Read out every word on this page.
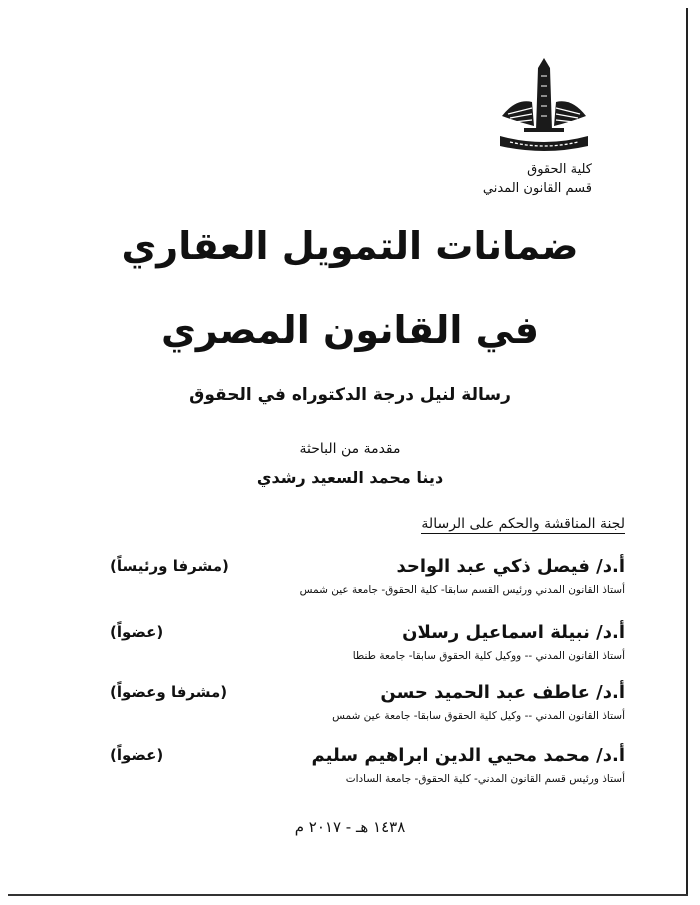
كلية الحقوق
قسم القانون المدني
ضمانات التمويل العقاري
في القانون المصري
رسالة لنيل درجة الدكتوراه في الحقوق
مقدمة من الباحثة
دينا محمد السعيد رشدي
لجنة المناقشة والحكم على الرسالة
أ.د/ فيصل ذكي عبد الواحد
(مشرفا ورئيساً)
أستاذ القانون المدني ورئيس القسم سابقا- كلية الحقوق- جامعة عين شمس
أ.د/ نبيلة اسماعيل رسلان
(عضواً)
أستاذ القانون المدني -- ووكيل كلية الحقوق سابقا- جامعة طنطا
أ.د/ عاطف عبد الحميد حسن
(مشرفا وعضواً)
أستاذ القانون المدني -- وكيل كلية الحقوق سابقا- جامعة عين شمس
أ.د/ محمد محيي الدين ابراهيم سليم
(عضواً)
أستاذ ورئيس قسم القانون المدني- كلية الحقوق- جامعة السادات
١٤٣٨ هـ - ٢٠١٧ م
